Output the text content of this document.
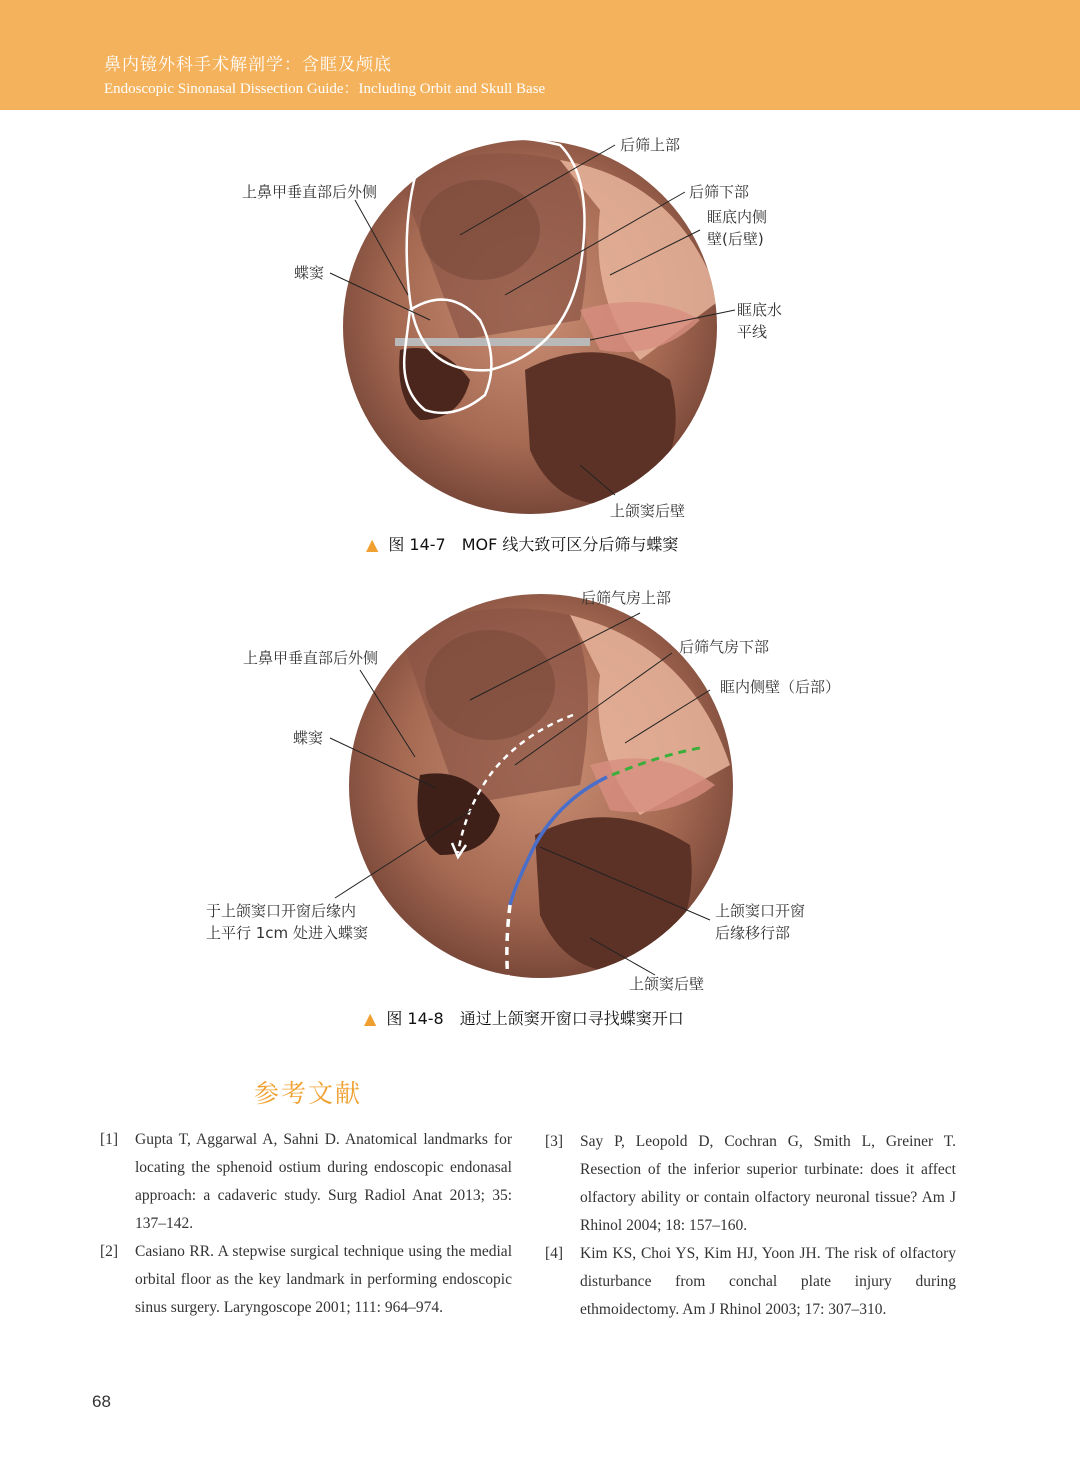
鼻内镜外科手术解剖学：含眶及颅底
Endoscopic Sinonasal Dissection Guide：Including Orbit and Skull Base
后筛上部
上鼻甲垂直部后外侧	后筛下部
眶底内侧
壁(后壁)
蝶窦
眶底水
平线
上颌窦后壁
▲ 图 14-7 MOF 线大致可区分后筛与蝶窦
后筛气房上部
上鼻甲垂直部后外侧
后筛气房下部
眶内侧壁（后部）
蝶窦
于上颌窦口开窗后缘内
上平行 1cm 处进入蝶窦
上颌窦口开窗
后缘移行部
上颌窦后壁
▲ 图 14-8 通过上颌窦开窗口寻找蝶窦开口
参考文献
[1] Gupta T, Aggarwal A, Sahni D. Anatomical landmarks for locating the sphenoid ostium during endoscopic endonasal approach: a cadaveric study. Surg Radiol Anat 2013; 35: 137–142.
[2] Casiano RR. A stepwise surgical technique using the medial orbital floor as the key landmark in performing endoscopic sinus surgery. Laryngoscope 2001; 111: 964–974.
[3] Say P, Leopold D, Cochran G, Smith L, Greiner T. Resection of the inferior superior turbinate: does it affect olfactory ability or contain olfactory neuronal tissue? Am J Rhinol 2004; 18: 157–160.
[4] Kim KS, Choi YS, Kim HJ, Yoon JH. The risk of olfactory disturbance from conchal plate injury during ethmoidectomy. Am J Rhinol 2003; 17: 307–310.
68
